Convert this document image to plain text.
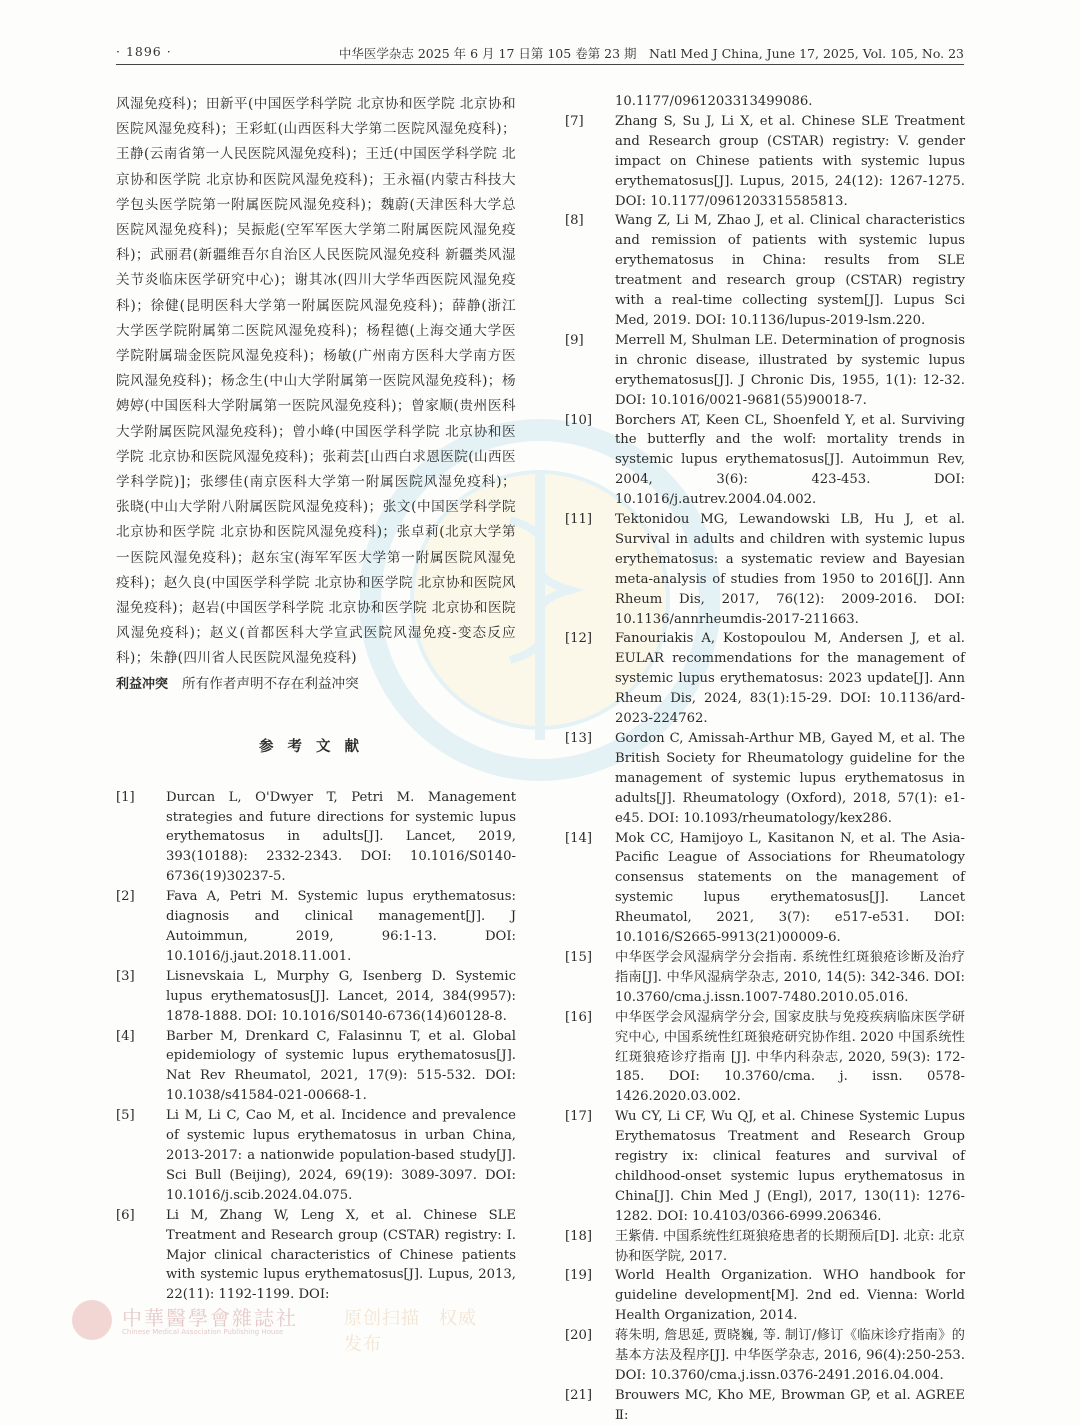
· 1896 ·	中华医学杂志 2025 年 6 月 17 日第 105 卷第 23 期　Natl Med J China, June 17, 2025, Vol. 105, No. 23

风湿免疫科)；田新平(中国医学科学院 北京协和医学院 北京协和医院风湿免疫科)；王彩虹(山西医科大学第二医院风湿免疫科)；王静(云南省第一人民医院风湿免疫科)；王迁(中国医学科学院 北京协和医学院 北京协和医院风湿免疫科)；王永福(内蒙古科技大学包头医学院第一附属医院风湿免疫科)；魏蔚(天津医科大学总医院风湿免疫科)；吴振彪(空军军医大学第二附属医院风湿免疫科)；武丽君(新疆维吾尔自治区人民医院风湿免疫科 新疆类风湿关节炎临床医学研究中心)；谢其冰(四川大学华西医院风湿免疫科)；徐健(昆明医科大学第一附属医院风湿免疫科)；薛静(浙江大学医学院附属第二医院风湿免疫科)；杨程德(上海交通大学医学院附属瑞金医院风湿免疫科)；杨敏(广州南方医科大学南方医院风湿免疫科)；杨念生(中山大学附属第一医院风湿免疫科)；杨娉婷(中国医科大学附属第一医院风湿免疫科)；曾家顺(贵州医科大学附属医院风湿免疫科)；曾小峰(中国医学科学院 北京协和医学院 北京协和医院风湿免疫科)；张莉芸[山西白求恩医院(山西医学科学院)]；张缪佳(南京医科大学第一附属医院风湿免疫科)；张晓(中山大学附八附属医院风湿免疫科)；张文(中国医学科学院 北京协和医学院 北京协和医院风湿免疫科)；张卓莉(北京大学第一医院风湿免疫科)；赵东宝(海军军医大学第一附属医院风湿免疫科)；赵久良(中国医学科学院 北京协和医学院 北京协和医院风湿免疫科)；赵岩(中国医学科学院 北京协和医学院 北京协和医院风湿免疫科)；赵义(首都医科大学宣武医院风湿免疫-变态反应科)；朱静(四川省人民医院风湿免疫科)

利益冲突 所有作者声明不存在利益冲突

参考文献
[1]	Durcan L, O'Dwyer T, Petri M. Management strategies and future directions for systemic lupus erythematosus in adults[J]. Lancet, 2019, 393(10188): 2332-2343. DOI: 10.1016/S0140-6736(19)30237-5.
[2]	Fava A, Petri M. Systemic lupus erythematosus: diagnosis and clinical management[J]. J Autoimmun, 2019, 96:1-13. DOI: 10.1016/j.jaut.2018.11.001.
[3]	Lisnevskaia L, Murphy G, Isenberg D. Systemic lupus erythematosus[J]. Lancet, 2014, 384(9957): 1878-1888. DOI: 10.1016/S0140-6736(14)60128-8.
[4]	Barber M, Drenkard C, Falasinnu T, et al. Global epidemiology of systemic lupus erythematosus[J]. Nat Rev Rheumatol, 2021, 17(9): 515-532. DOI: 10.1038/s41584-021-00668-1.
[5]	Li M, Li C, Cao M, et al. Incidence and prevalence of systemic lupus erythematosus in urban China, 2013-2017: a nationwide population-based study[J]. Sci Bull (Beijing), 2024, 69(19): 3089-3097. DOI: 10.1016/j.scib.2024.04.075.
[6]	Li M, Zhang W, Leng X, et al. Chinese SLE Treatment and Research group (CSTAR) registry: I. Major clinical characteristics of Chinese patients with systemic lupus erythematosus[J]. Lupus, 2013, 22(11): 1192-1199. DOI:
10.1177/0961203313499086.
[7]	Zhang S, Su J, Li X, et al. Chinese SLE Treatment and Research group (CSTAR) registry: V. gender impact on Chinese patients with systemic lupus erythematosus[J]. Lupus, 2015, 24(12): 1267-1275. DOI: 10.1177/0961203315585813.
[8]	Wang Z, Li M, Zhao J, et al. Clinical characteristics and remission of patients with systemic lupus erythematosus in China: results from SLE treatment and research group (CSTAR) registry with a real-time collecting system[J]. Lupus Sci Med, 2019. DOI: 10.1136/lupus-2019-lsm.220.
[9]	Merrell M, Shulman LE. Determination of prognosis in chronic disease, illustrated by systemic lupus erythematosus[J]. J Chronic Dis, 1955, 1(1): 12-32. DOI: 10.1016/0021-9681(55)90018-7.
[10]	Borchers AT, Keen CL, Shoenfeld Y, et al. Surviving the butterfly and the wolf: mortality trends in systemic lupus erythematosus[J]. Autoimmun Rev, 2004, 3(6): 423-453. DOI: 10.1016/j.autrev.2004.04.002.
[11]	Tektonidou MG, Lewandowski LB, Hu J, et al. Survival in adults and children with systemic lupus erythematosus: a systematic review and Bayesian meta-analysis of studies from 1950 to 2016[J]. Ann Rheum Dis, 2017, 76(12): 2009-2016. DOI: 10.1136/annrheumdis-2017-211663.
[12]	Fanouriakis A, Kostopoulou M, Andersen J, et al. EULAR recommendations for the management of systemic lupus erythematosus: 2023 update[J]. Ann Rheum Dis, 2024, 83(1):15-29. DOI: 10.1136/ard-2023-224762.
[13]	Gordon C, Amissah-Arthur MB, Gayed M, et al. The British Society for Rheumatology guideline for the management of systemic lupus erythematosus in adults[J]. Rheumatology (Oxford), 2018, 57(1): e1-e45. DOI: 10.1093/rheumatology/kex286.
[14]	Mok CC, Hamijoyo L, Kasitanon N, et al. The Asia-Pacific League of Associations for Rheumatology consensus statements on the management of systemic lupus erythematosus[J]. Lancet Rheumatol, 2021, 3(7): e517-e531. DOI: 10.1016/S2665-9913(21)00009-6.
[15]	中华医学会风湿病学分会指南. 系统性红斑狼疮诊断及治疗指南[J]. 中华风湿病学杂志, 2010, 14(5): 342-346. DOI: 10.3760/cma.j.issn.1007-7480.2010.05.016.
[16]	中华医学会风湿病学分会, 国家皮肤与免疫疾病临床医学研究中心, 中国系统性红斑狼疮研究协作组. 2020 中国系统性红斑狼疮诊疗指南 [J]. 中华内科杂志, 2020, 59(3): 172-185. DOI: 10.3760/cma. j. issn. 0578-1426.2020.03.002.
[17]	Wu CY, Li CF, Wu QJ, et al. Chinese Systemic Lupus Erythematosus Treatment and Research Group registry ix: clinical features and survival of childhood-onset systemic lupus erythematosus in China[J]. Chin Med J (Engl), 2017, 130(11): 1276-1282. DOI: 10.4103/0366-6999.206346.
[18]	王紫倩. 中国系统性红斑狼疮患者的长期预后[D]. 北京: 北京协和医学院, 2017.
[19]	World Health Organization. WHO handbook for guideline development[M]. 2nd ed. Vienna: World Health Organization, 2014.
[20]	蒋朱明, 詹思延, 贾晓巍, 等. 制订/修订《临床诊疗指南》的基本方法及程序[J]. 中华医学杂志, 2016, 96(4):250-253. DOI: 10.3760/cma.j.issn.0376-2491.2016.04.004.
[21]	Brouwers MC, Kho ME, Browman GP, et al. AGREE Ⅱ:
中華醫學會雜誌社
Chinese Medical Association Publishing House
原创扫描　权威发布
